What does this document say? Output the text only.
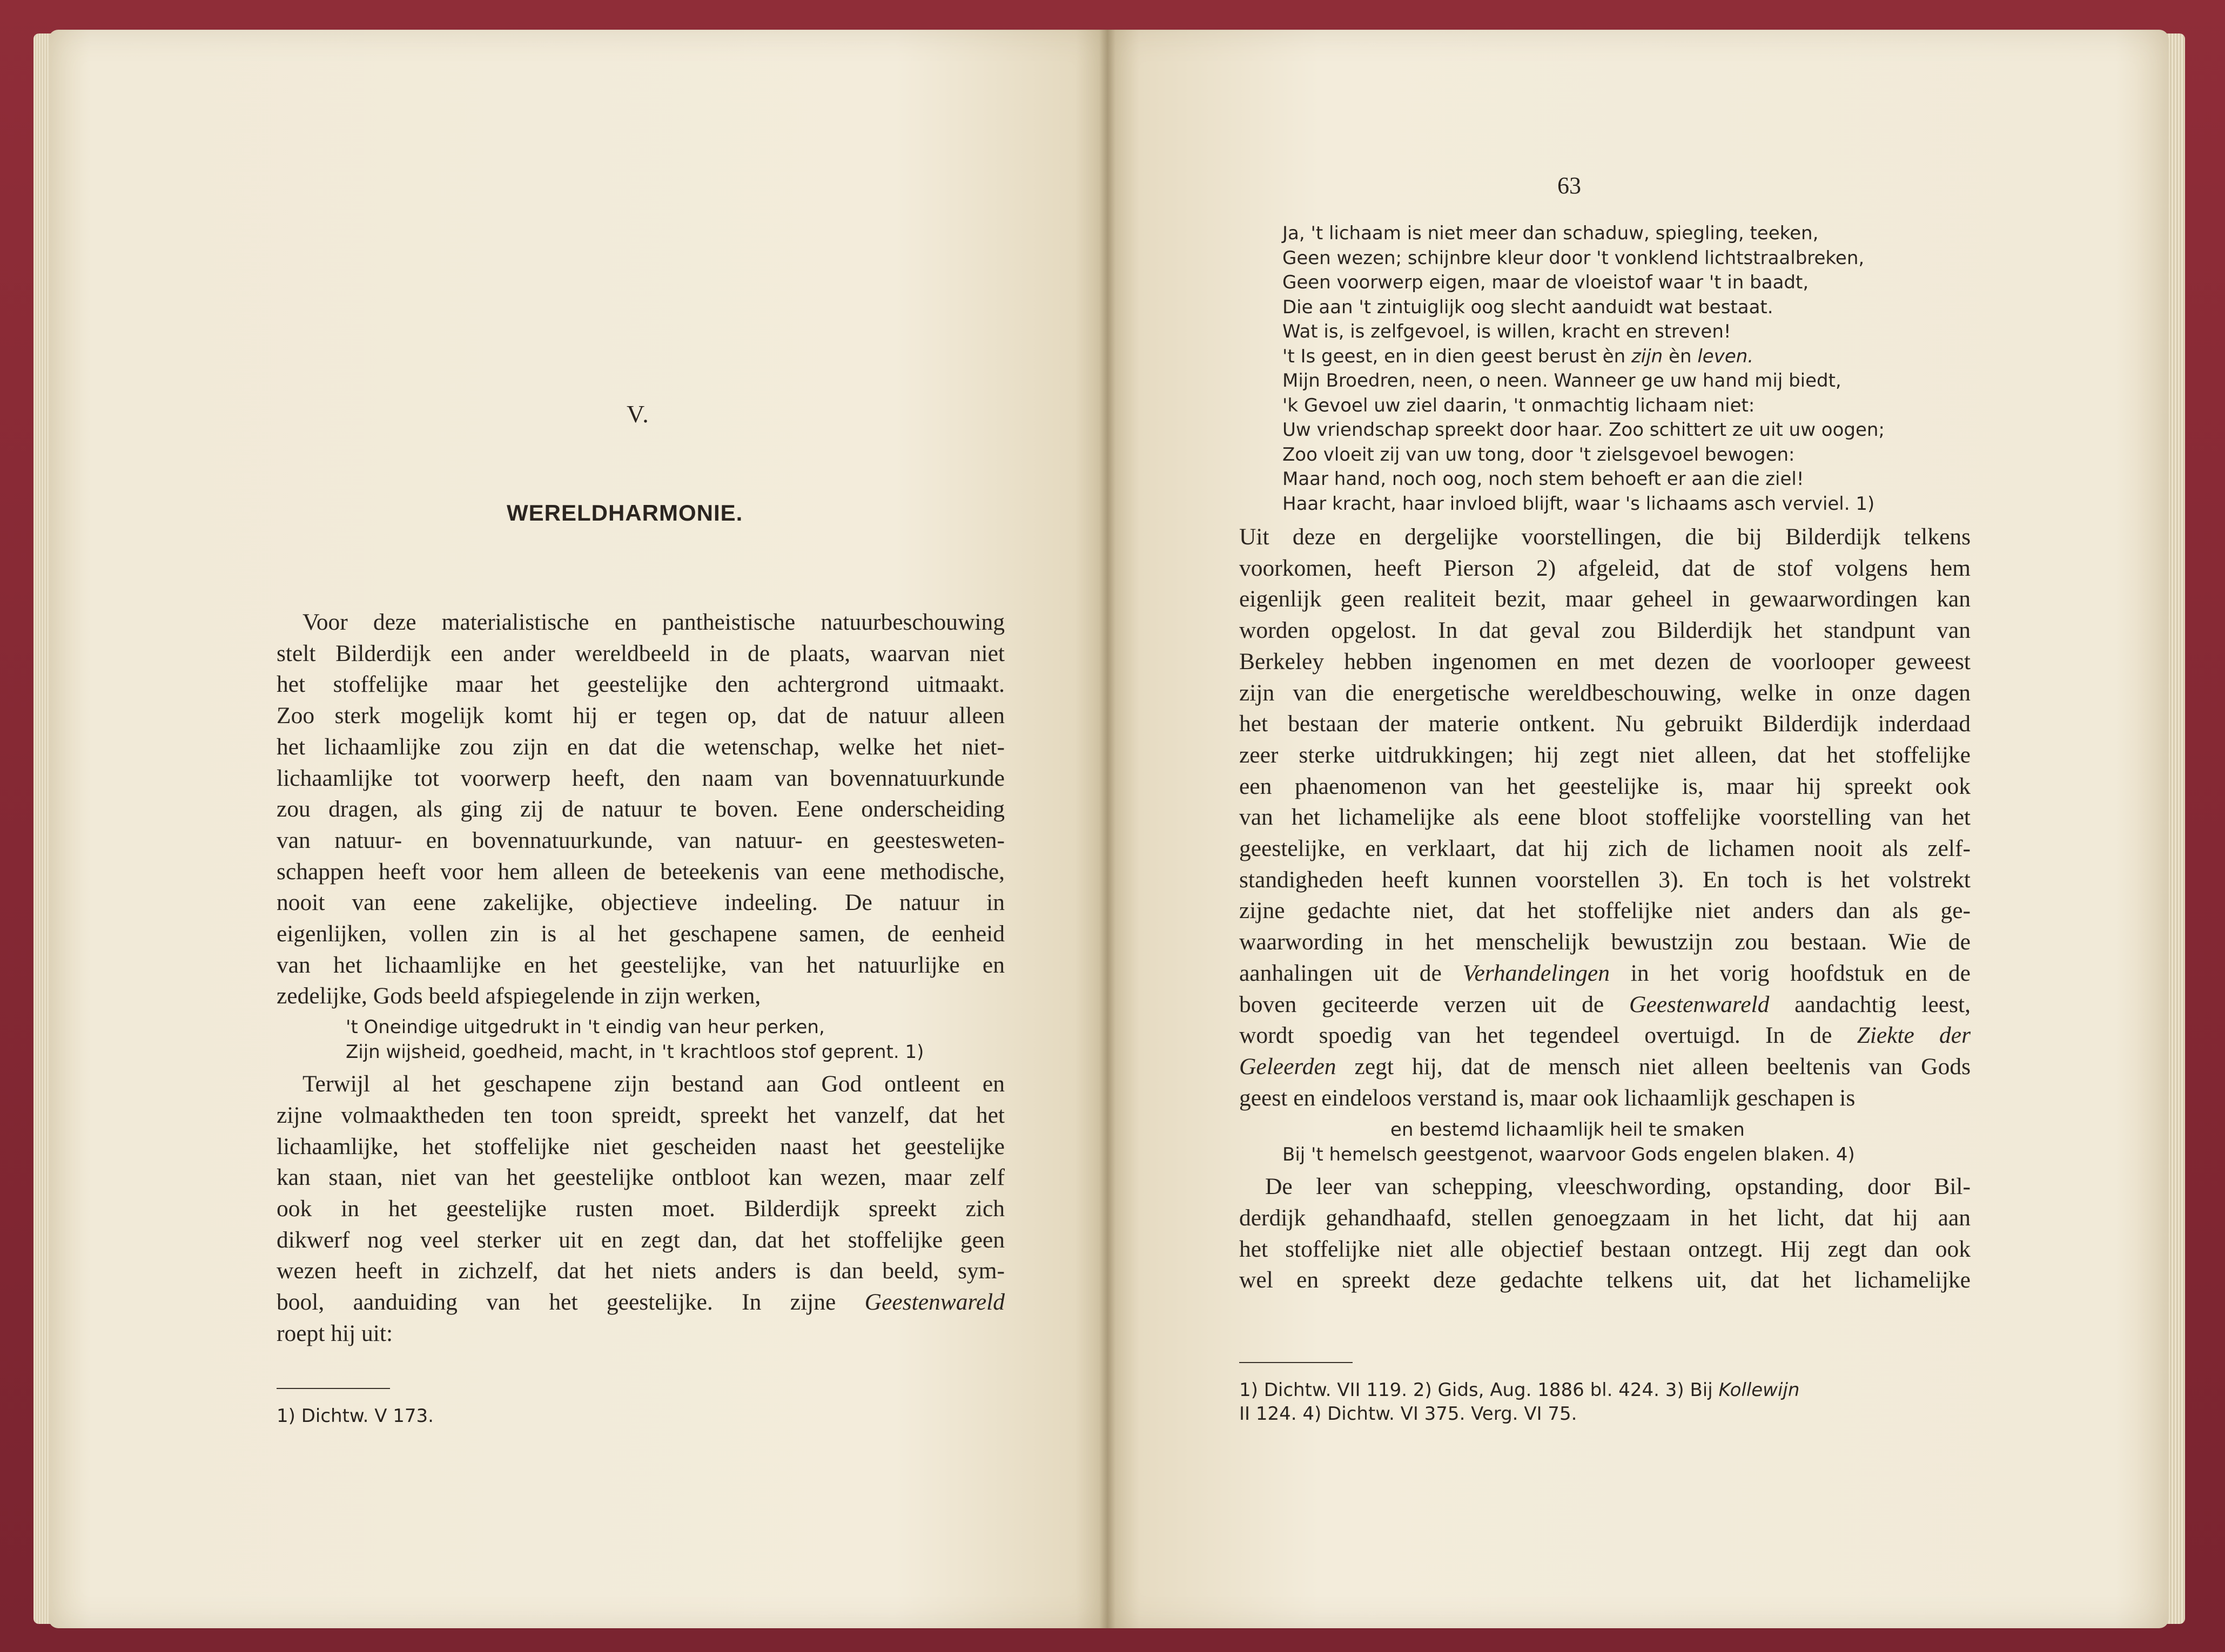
V.
WERELDHARMONIE.
Voor deze materialistische en pantheistische natuurbeschouwing
stelt Bilderdijk een ander wereldbeeld in de plaats, waarvan niet
het stoffelijke maar het geestelijke den achtergrond uitmaakt.
Zoo sterk mogelijk komt hij er tegen op, dat de natuur alleen
het lichaamlijke zou zijn en dat die wetenschap, welke het niet-
lichaamlijke tot voorwerp heeft, den naam van bovennatuurkunde
zou dragen, als ging zij de natuur te boven. Eene onderscheiding
van natuur- en bovennatuurkunde, van natuur- en geestesweten-
schappen heeft voor hem alleen de beteekenis van eene methodische,
nooit van eene zakelijke, objectieve indeeling. De natuur in
eigenlijken, vollen zin is al het geschapene samen, de eenheid
van het lichaamlijke en het geestelijke, van het natuurlijke en
zedelijke, Gods beeld afspiegelende in zijn werken,
't Oneindige uitgedrukt in 't eindig van heur perken,
Zijn wijsheid, goedheid, macht, in 't krachtloos stof geprent. 1)
Terwijl al het geschapene zijn bestand aan God ontleent en
zijne volmaaktheden ten toon spreidt, spreekt het vanzelf, dat het
lichaamlijke, het stoffelijke niet gescheiden naast het geestelijke
kan staan, niet van het geestelijke ontbloot kan wezen, maar zelf
ook in het geestelijke rusten moet. Bilderdijk spreekt zich
dikwerf nog veel sterker uit en zegt dan, dat het stoffelijke geen
wezen heeft in zichzelf, dat het niets anders is dan beeld, sym-
bool, aanduiding van het geestelijke. In zijne Geestenwareld
roept hij uit:
1) Dichtw. V 173.
63
Ja, 't lichaam is niet meer dan schaduw, spiegling, teeken,
Geen wezen; schijnbre kleur door 't vonklend lichtstraalbreken,
Geen voorwerp eigen, maar de vloeistof waar 't in baadt,
Die aan 't zintuiglijk oog slecht aanduidt wat bestaat.
Wat is, is zelfgevoel, is willen, kracht en streven!
't Is geest, en in dien geest berust èn zijn èn leven.
Mijn Broedren, neen, o neen. Wanneer ge uw hand mij biedt,
'k Gevoel uw ziel daarin, 't onmachtig lichaam niet:
Uw vriendschap spreekt door haar. Zoo schittert ze uit uw oogen;
Zoo vloeit zij van uw tong, door 't zielsgevoel bewogen:
Maar hand, noch oog, noch stem behoeft er aan die ziel!
Haar kracht, haar invloed blijft, waar 's lichaams asch verviel. 1)
Uit deze en dergelijke voorstellingen, die bij Bilderdijk telkens
voorkomen, heeft Pierson 2) afgeleid, dat de stof volgens hem
eigenlijk geen realiteit bezit, maar geheel in gewaarwordingen kan
worden opgelost. In dat geval zou Bilderdijk het standpunt van
Berkeley hebben ingenomen en met dezen de voorlooper geweest
zijn van die energetische wereldbeschouwing, welke in onze dagen
het bestaan der materie ontkent. Nu gebruikt Bilderdijk inderdaad
zeer sterke uitdrukkingen; hij zegt niet alleen, dat het stoffelijke
een phaenomenon van het geestelijke is, maar hij spreekt ook
van het lichamelijke als eene bloot stoffelijke voorstelling van het
geestelijke, en verklaart, dat hij zich de lichamen nooit als zelf-
standigheden heeft kunnen voorstellen 3). En toch is het volstrekt
zijne gedachte niet, dat het stoffelijke niet anders dan als ge-
waarwording in het menschelijk bewustzijn zou bestaan. Wie de
aanhalingen uit de Verhandelingen in het vorig hoofdstuk en de
boven geciteerde verzen uit de Geestenwareld aandachtig leest,
wordt spoedig van het tegendeel overtuigd. In de Ziekte der
Geleerden zegt hij, dat de mensch niet alleen beeltenis van Gods
geest en eindeloos verstand is, maar ook lichaamlijk geschapen is
en bestemd lichaamlijk heil te smaken
Bij 't hemelsch geestgenot, waarvoor Gods engelen blaken. 4)
De leer van schepping, vleeschwording, opstanding, door Bil-
derdijk gehandhaafd, stellen genoegzaam in het licht, dat hij aan
het stoffelijke niet alle objectief bestaan ontzegt. Hij zegt dan ook
wel en spreekt deze gedachte telkens uit, dat het lichamelijke
1) Dichtw. VII 119. 2) Gids, Aug. 1886 bl. 424. 3) Bij Kollewijn
II 124. 4) Dichtw. VI 375. Verg. VI 75.
